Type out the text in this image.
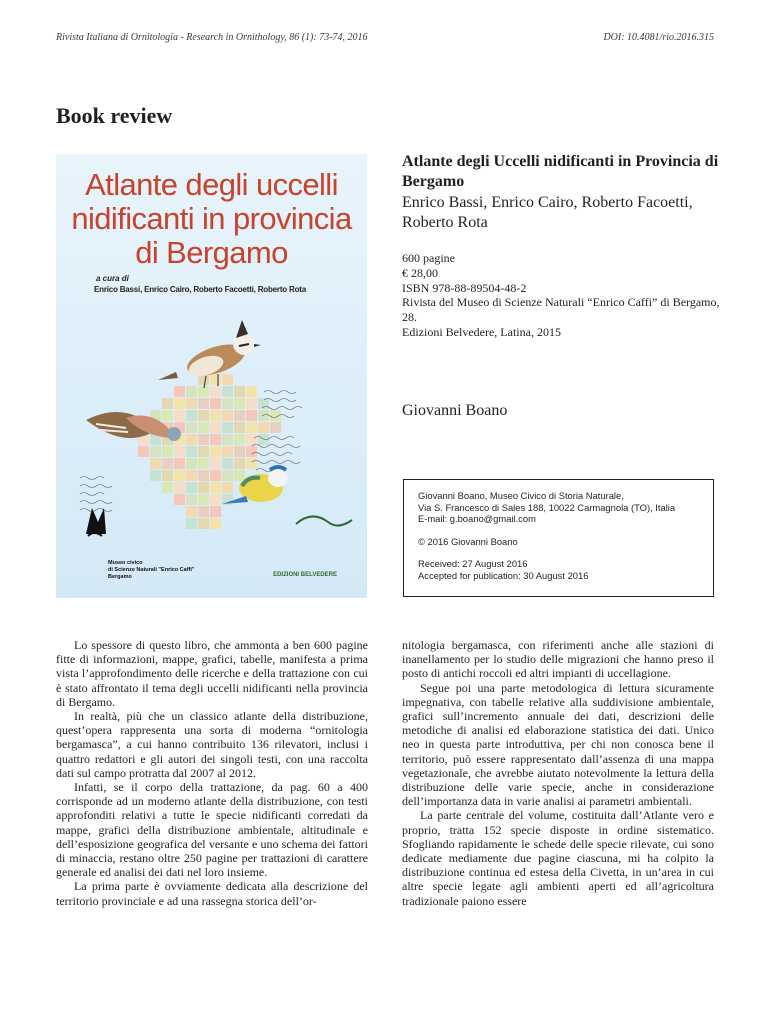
Rivista Italiana di Ornitologia - Research in Ornithology, 86 (1): 73-74, 2016	DOI: 10.4081/rio.2016.315
Book review
Atlante degli uccelli
nidificanti in provincia
di Bergamo
a cura di
Enrico Bassi, Enrico Cairo, Roberto Facoetti, Roberto Rota
Museo civico
di Scienze Naturali "Enrico Caffi"
Bergamo	EDIZIONI BELVEDERE
Atlante degli Uccelli nidificanti in Provincia di Bergamo
Enrico Bassi, Enrico Cairo, Roberto Facoetti, Roberto Rota
600 pagine
€ 28,00
ISBN 978-88-89504-48-2
Rivista del Museo di Scienze Naturali “Enrico Caffi” di Bergamo, 28.
Edizioni Belvedere, Latina, 2015
Giovanni Boano
Giovanni Boano, Museo Civico di Storia Naturale,
Via S. Francesco di Sales 188, 10022 Carmagnola (TO), Italia
E-mail: g.boano@gmail.com
© 2016 Giovanni Boano
Received: 27 August 2016
Accepted for publication: 30 August 2016

Lo spessore di questo libro, che ammonta a ben 600 pagine fitte di informazioni, mappe, grafici, tabelle, manifesta a prima vista l’approfondimento delle ricerche e della trattazione con cui è stato affrontato il tema degli uccelli nidificanti nella provincia di Bergamo.

In realtà, più che un classico atlante della distribuzione, quest’opera rappresenta una sorta di moderna “ornitologia bergamasca”, a cui hanno contribuito 136 rilevatori, inclusi i quattro redattori e gli autori dei singoli testi, con una raccolta dati sul campo protratta dal 2007 al 2012.

Infatti, se il corpo della trattazione, da pag. 60 a 400 corrisponde ad un moderno atlante della distribuzione, con testi approfonditi relativi a tutte le specie nidificanti corredati da mappe, grafici della distribuzione ambientale, altitudinale e dell’esposizione geografica del versante e uno schema dei fattori di minaccia, restano oltre 250 pagine per trattazioni di carattere generale ed analisi dei dati nel loro insieme.

La prima parte è ovviamente dedicata alla descrizione del territorio provinciale e ad una rassegna storica dell’or-

nitologia bergamasca, con riferimenti anche alle stazioni di inanellamento per lo studio delle migrazioni che hanno preso il posto di antichi roccoli ed altri impianti di uccellagione.

Segue poi una parte metodologica di lettura sicuramente impegnativa, con tabelle relative alla suddivisione ambientale, grafici sull’incremento annuale dei dati, descrizioni delle metodiche di analisi ed elaborazione statistica dei dati. Unico neo in questa parte introduttiva, per chi non conosca bene il territorio, può essere rappresentato dall’assenza di una mappa vegetazionale, che avrebbe aiutato notevolmente la lettura della distribuzione delle varie specie, anche in considerazione dell’importanza data in varie analisi ai parametri ambientali.

La parte centrale del volume, costituita dall’Atlante vero e proprio, tratta 152 specie disposte in ordine sistematico. Sfogliando rapidamente le schede delle specie rilevate, cui sono dedicate mediamente due pagine ciascuna, mi ha colpito la distribuzione continua ed estesa della Civetta, in un’area in cui altre specie legate agli ambienti aperti ed all’agricoltura tradizionale paiono essere
